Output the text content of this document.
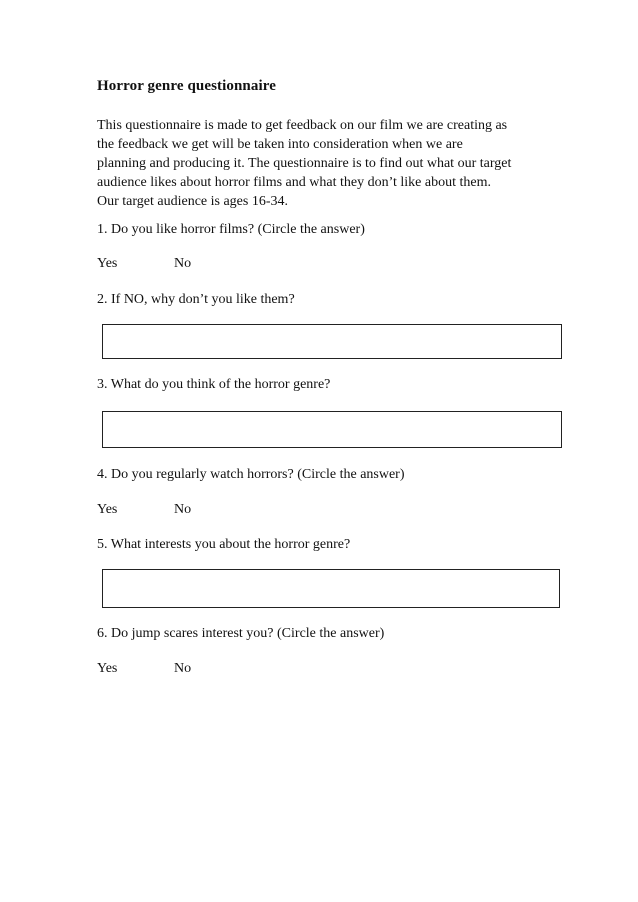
Horror genre questionnaire

This questionnaire is made to get feedback on our film we are creating as
the feedback we get will be taken into consideration when we are
planning and producing it. The questionnaire is to find out what our target
audience likes about horror films and what they don’t like about them.
Our target audience is ages 16-34.

1. Do you like horror films? (Circle the answer)

Yes	No

2. If NO, why don’t you like them?

3. What do you think of the horror genre?

4. Do you regularly watch horrors? (Circle the answer)

Yes	No

5. What interests you about the horror genre?

6. Do jump scares interest you? (Circle the answer)

Yes	No
